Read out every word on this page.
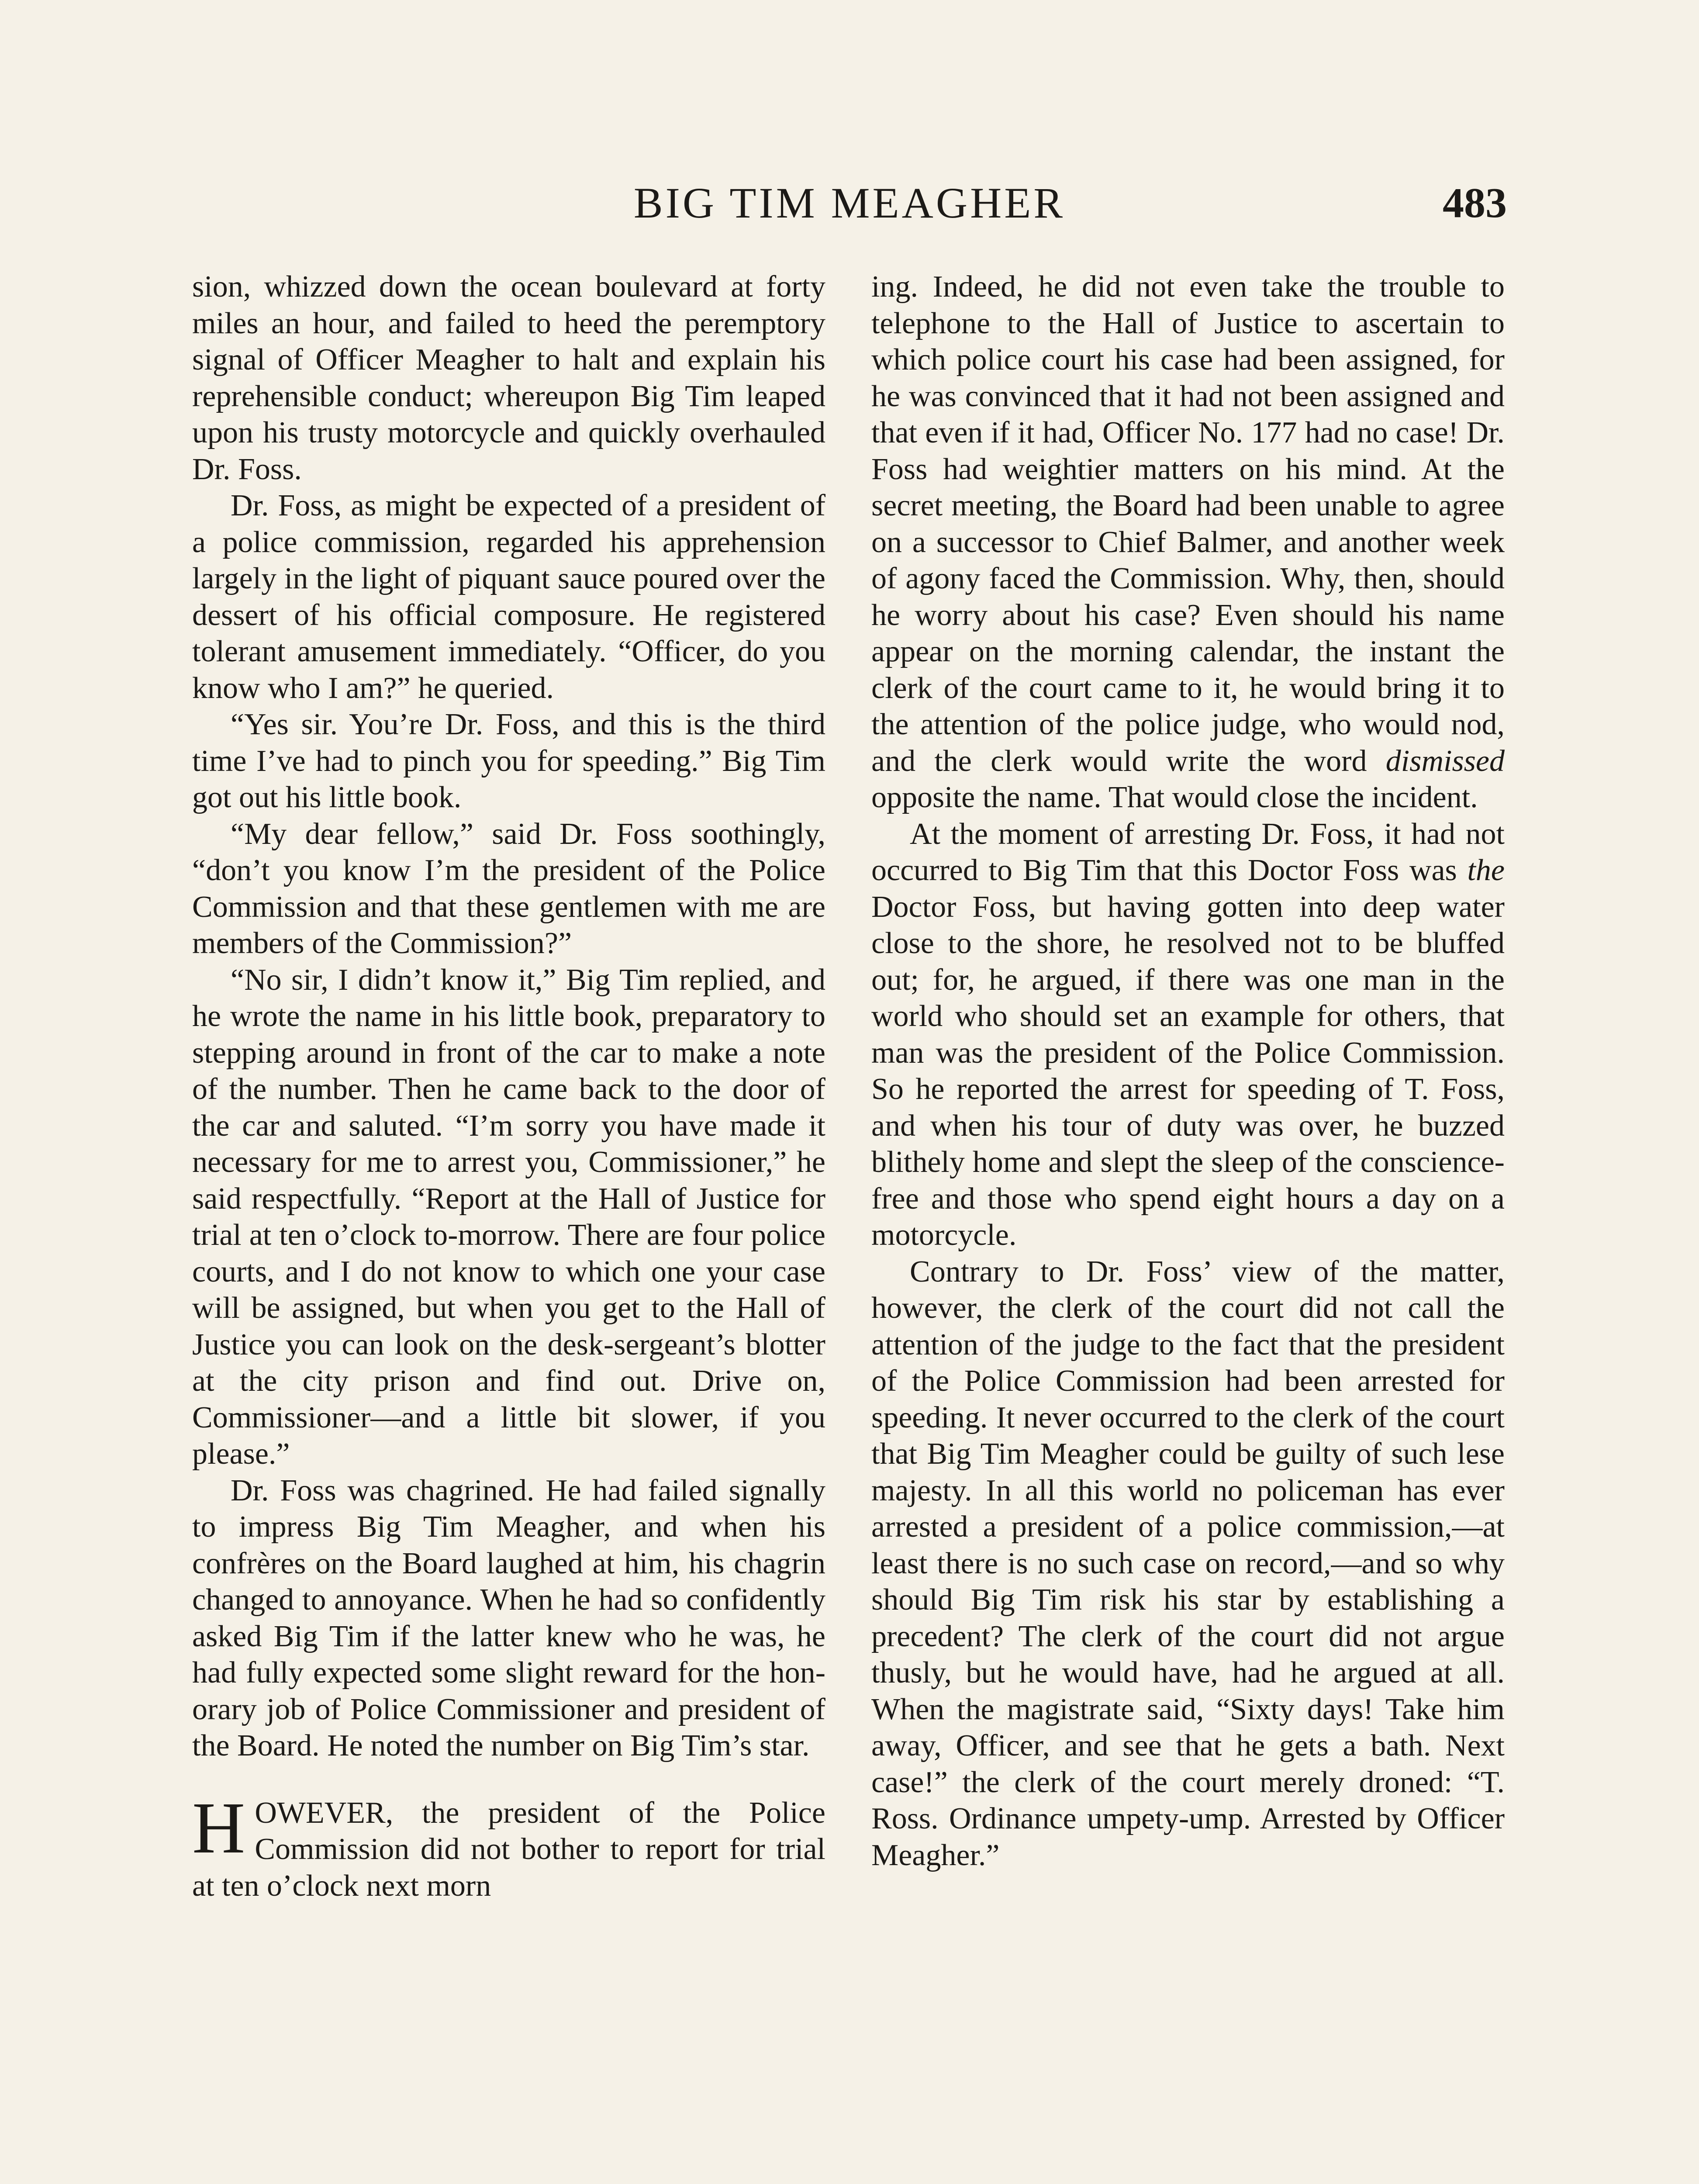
BIG TIM MEAGHER	483

sion, whizzed down the ocean boulevard at forty miles an hour, and failed to heed the peremptory signal of Officer Meagher to halt and explain his reprehensible conduct; whereupon Big Tim leaped upon his trusty motorcycle and quickly overhauled Dr. Foss.

Dr. Foss, as might be expected of a president of a police commission, regarded his apprehension largely in the light of piquant sauce poured over the dessert of his official composure. He registered tolerant amusement immediately. “Officer, do you know who I am?” he queried.

“Yes sir. You’re Dr. Foss, and this is the third time I’ve had to pinch you for speeding.” Big Tim got out his little book.

“My dear fellow,” said Dr. Foss soothingly, “don’t you know I’m the president of the Police Commission and that these gentlemen with me are members of the Commission?”

“No sir, I didn’t know it,” Big Tim replied, and he wrote the name in his little book, preparatory to stepping around in front of the car to make a note of the number. Then he came back to the door of the car and saluted. “I’m sorry you have made it necessary for me to arrest you, Commissioner,” he said respectfully. “Report at the Hall of Justice for trial at ten o’clock to-morrow. There are four police courts, and I do not know to which one your case will be assigned, but when you get to the Hall of Justice you can look on the desk-sergeant’s blotter at the city prison and find out. Drive on, Commissioner—and a little bit slower, if you please.”

Dr. Foss was chagrined. He had failed signally to impress Big Tim Meagher, and when his confrères on the Board laughed at him, his chagrin changed to annoyance. When he had so confidently asked Big Tim if the latter knew who he was, he had fully expected some slight reward for the honorary job of Police Commissioner and president of the Board. He noted the number on Big Tim’s star.

HOWEVER, the president of the Police Commission did not bother to report for trial at ten o’clock next morn

ing. Indeed, he did not even take the trouble to telephone to the Hall of Justice to ascertain to which police court his case had been assigned, for he was convinced that it had not been assigned and that even if it had, Officer No. 177 had no case! Dr. Foss had weightier matters on his mind. At the secret meeting, the Board had been unable to agree on a successor to Chief Balmer, and another week of agony faced the Commission. Why, then, should he worry about his case? Even should his name appear on the morning calendar, the instant the clerk of the court came to it, he would bring it to the attention of the police judge, who would nod, and the clerk would write the word dismissed opposite the name. That would close the incident.

At the moment of arresting Dr. Foss, it had not occurred to Big Tim that this Doctor Foss was the Doctor Foss, but having gotten into deep water close to the shore, he resolved not to be bluffed out; for, he argued, if there was one man in the world who should set an example for others, that man was the president of the Police Commission. So he reported the arrest for speeding of T. Foss, and when his tour of duty was over, he buzzed blithely home and slept the sleep of the conscience-free and those who spend eight hours a day on a motorcycle.

Contrary to Dr. Foss’ view of the matter, however, the clerk of the court did not call the attention of the judge to the fact that the president of the Police Commission had been arrested for speeding. It never occurred to the clerk of the court that Big Tim Meagher could be guilty of such lese majesty. In all this world no policeman has ever arrested a president of a police commission,—at least there is no such case on record,—and so why should Big Tim risk his star by establishing a precedent? The clerk of the court did not argue thusly, but he would have, had he argued at all. When the magistrate said, “Sixty days! Take him away, Officer, and see that he gets a bath. Next case!” the clerk of the court merely droned: “T. Ross. Ordinance umpety-ump. Arrested by Officer Meagher.”
